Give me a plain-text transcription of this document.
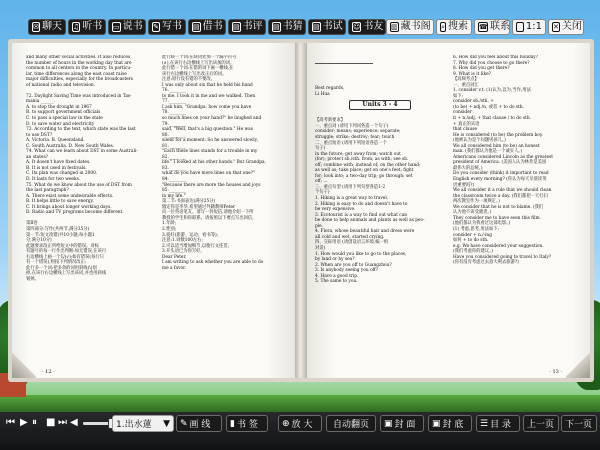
✉ 聊天 ♫ 听书 ▭ 说书 ✎ 写书 ▤ 借书 ▤ 书评 ▤ 书猜 ▤ 书试 ☺ 书友 ▥ 藏书阁 ⌕ 搜索 ☎ 联系 1:1 ✕ 关闭

and many other social activities. It also reduces

the number of hours in the working day that are

common to all centers in the country. In particu-

lar, time differences along the east coast raise

major difficulties, especially for the broadcasters

of national radio and television.

72. Daylight Saving Time was introduced in Tas-

mania ______.

A. to stop the drought in 1967

B. to support government officials

C. to pass a special law in the state

D. to save water and electricity

73. According to the text, which state was the last

to use DST?

A. Victoria. B. Queensland.

C. South Australia. D. New South Wales.

74. What can we learn about DST in some Australi-

an states?

A. It doesn't have fixed dates.

B. It is not used in festivals.

C. Its plan was changed in 2000.

D. It lasts for two weeks.

75. What do we know about the use of DST from

the last paragraph?

A. There exist some undesirable effects.

B. It helps little to save energy.

C. It brings about longer working days.

D. Radio and TV programs become different.

第Ⅱ卷

第四部分:写作(共两节,满分35分)

第一节:短文改错(共10小题;每小题1

分,满分10分)

此题要求改正所给短文中的错误。对标

有题号的每一行作出判断:如无错误,在该行

右边横线上画一个勾(√);如有错误(每行只

有一个错误),则按下列情况改正:

此行多一个词:把多余的词用斜线(\)划

掉,在该行右边横线上写出该词,并也用斜线

划掉。

此行缺一个词:在缺词处加一个漏字符号

(∧),在该行右边横线上写出该加的词。

此行错一个词:在错的词下画一横线,在

该行右边横线上写出改正后的词。

注意:原行没有错的不要改。

I was only about six that he held his hand

76.________

to me. I took it in me and we walked. Then

77.________

I ask him, "Grandpa, how come you have

78.________

so much lines on your hand?" he laughed and

79.________

said, "Well, that's a big question." He was

80.________

silent for a moment. So he answered slowly,

81.________

"Each these lines stands for a trouble in my

82.________

life." I looked at his other hands." But Grandpa,

83.________

what do you have more lines on that one?"

84.________

"Because there are more the houses and joys

85.________

in my life."

第二节:书面表达(满分25分)

假定你是李华,希望通过外籍教师Peter

向一位英语笔友。请写一封短信,请他介绍一下所

教授的学生和你联系。请按照以下要点写出回信,

1.年龄;

2.性别;

3.爱好(旅游、运动、看书等);

注意:1.词数100左右;

2.可以适当增加细节,以使行文连贯;

3.开头语已为你写好。

Dear Peter,

I am writing to ask whether you are able to do

me a favor.

· 12 ·

Best regards,

Li Hua

Units 3 - 4

【高考新要求】

一、重点词 (请用下列词各造一个句子)

consider; means; experience; separate;

struggle; strike; destroy; fear; touch

二、重点短语 (请用下列短语各造一个

句子)

in the future; get away from; watch out

(for); protect sb./sth. from; as with; see sb.

off; combine with; instead of; on the other hand;

as well as; take place; get on one's feet; fight

for; look into; a two-day trip; go through; set

off; ...

三、重点句型 (请用下列句型各造1-2

个句子)

1. Hiking is a great way to travel.

2. Hiking is easy to do and doesn't have to

be very expensive.

3. Ecotourist is a way to find out what can

be done to help animals and plants as well as peo-

ple.

4. Flora, whose beautiful hair and dress were

all cold and wet, started crying.

四、交际用语 (请创设语言环境,编一组

对话)

1. How would you like to go to the places,

by land or by sea?

2. When are you off to Guangzhou?

3. Is anybody seeing you off?

4. Have a good trip.

5. The same to you.

6. How did you feel about this holiday?

7. Why did you choose to go there?

8. How did you get there?

9. What is it like?

【高频考点】

一、重点词汇

1. consider v.t. (1)认为,以为,当作,用法

如下:

consider sb./sth. +

(to be) + adj./n. 或者 + to do sth.

consider

it + n./adj. + that clause / to do sth.

+ 真正的宾语

that clause

He is considered (to be) the problem boy.

(他被认为是个问题男孩儿。)

We all considered him (to be) an honest

man. (我们都认为他是一个诚实人。)

Americans considered Lincoln as the greatest

president of America. (美国人认为林肯是美国

最伟大的总统。)

Do you consider (think) it important to read

English every morning? (你认为每天早晨读英

语重要吗?)

We all consider it a rule that we should clean

the classroom twice a day. (我们都把一天打扫

两次教室作为一项规定。)

We consider that he is not to blame. (我们

认为他不该受谴责。)

They consider me to have seen this film.

(他们都认为我看过这部电影。)

(1) 考虑,思考,用法如下:

consider + n./-ing

如何 + to do sth.

e.g. We have considered your suggestion.

(我们考虑你的建议。)

Have you considered going to travel to Italy?

(你有没有考虑过去意大利去旅游?)

· 13 ·
⏮ ▶ ⏸ ■ ⏭ ◀	1.出水蓮 ▼ ✎ 画 线 ▮ 书 签	⊕ 放 大 自动翻页 ▣ 封 面 ▣ 封 底 ☰ 目 录 上一页 下一页
